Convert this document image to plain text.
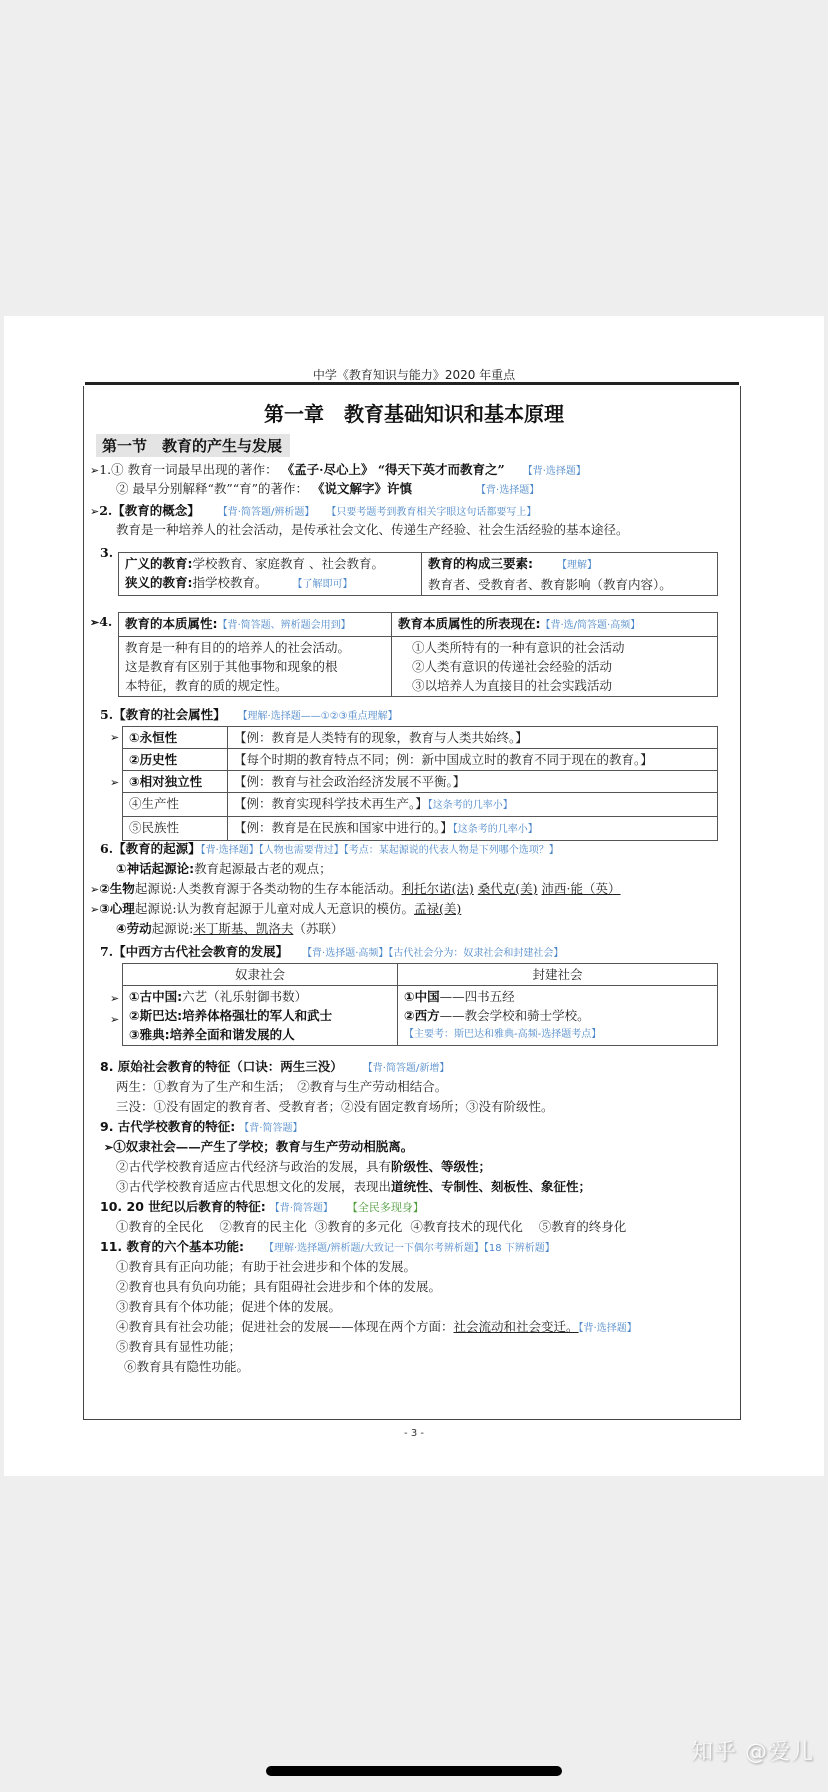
中学《教育知识与能力》2020 年重点
第一章　教育基础知识和基本原理
第一节　教育的产生与发展
➢1.① 教育一词最早出现的著作： 《孟子·尽心上》 “得天下英才而教育之” 【背·选择题】
② 最早分别解释“教”“育”的著作： 《说文解字》许慎	【背·选择题】
➢2.【教育的概念】 【背·简答题/辨析题】 【只要考题考到教育相关字眼这句话都要写上】
教育是一种培养人的社会活动，是传承社会文化、传递生产经验、社会生活经验的基本途径。
3.
广义的教育:学校教育、家庭教育 、社会教育。
狭义的教育:指学校教育。	【了解即可】

教育的构成三要素: 【理解】
教育者、受教育者、教育影响（教育内容）。
➢4. 教育的本质属性:【背·简答题、辨析题会用到】	教育本质属性的所表现在:【背·选/简答题·高频】

教育是一种有目的的培养人的社会活动。
这是教育有区别于其他事物和现象的根
本特征，教育的质的规定性。

①人类所特有的一种有意识的社会活动
②人类有意识的传递社会经验的活动
③以培养人为直接目的社会实践活动
5.【教育的社会属性】 【理解·选择题——①②③重点理解】
➢
➢
①永恒性	【例：教育是人类特有的现象，教育与人类共始终。】
②历史性	【每个时期的教育特点不同；例：新中国成立时的教育不同于现在的教育。】
③相对独立性	【例：教育与社会政治经济发展不平衡。】
④生产性	【例：教育实现科学技术再生产。】【这条考的几率小】
⑤民族性	【例：教育是在民族和国家中进行的。】【这条考的几率小】
6.【教育的起源】【背·选择题】【人物也需要背过】【考点：某起源说的代表人物是下列哪个选项？】
①神话起源论:教育起源最古老的观点；
➢②生物起源说:人类教育源于各类动物的生存本能活动。利托尔诺(法) 桑代克(美) 沛西·能（英）
➢③心理起源说:认为教育起源于儿童对成人无意识的模仿。孟禄(美)
④劳动起源说:米丁斯基、凯洛夫（苏联）
7.【中西方古代社会教育的发展】 【背·选择题·高频】【古代社会分为：奴隶社会和封建社会】
➢
➢
奴隶社会	封建社会

①古中国:六艺（礼乐射御书数）
②斯巴达:培养体格强壮的军人和武士
③雅典:培养全面和谐发展的人

①中国——四书五经
②西方——教会学校和骑士学校。
【主要考：斯巴达和雅典-高频-选择题考点】
8. 原始社会教育的特征（口诀：两生三没） 【背·简答题/新增】
两生：①教育为了生产和生活；　②教育与生产劳动相结合。
三没：①没有固定的教育者、受教育者；②没有固定教育场所；③没有阶级性。
9. 古代学校教育的特征: 【背·简答题】
➢①奴隶社会——产生了学校；教育与生产劳动相脱离。
②古代学校教育适应古代经济与政治的发展，具有阶级性、等级性；
③古代学校教育适应古代思想文化的发展，表现出道统性、专制性、刻板性、象征性；
10. 20 世纪以后教育的特征: 【背·简答题】 【全民多现身】
①教育的全民化 ②教育的民主化 ③教育的多元化 ④教育技术的现代化 ⑤教育的终身化
11. 教育的六个基本功能: 【理解·选择题/辨析题/大致记一下偶尔考辨析题】【18 下辨析题】
①教育具有正向功能；有助于社会进步和个体的发展。
②教育也具有负向功能；具有阻碍社会进步和个体的发展。
③教育具有个体功能；促进个体的发展。
④教育具有社会功能；促进社会的发展——体现在两个方面：社会流动和社会变迁。【背·选择题】
⑤教育具有显性功能；
⑥教育具有隐性功能。
- 3 -
知乎 @爱儿
